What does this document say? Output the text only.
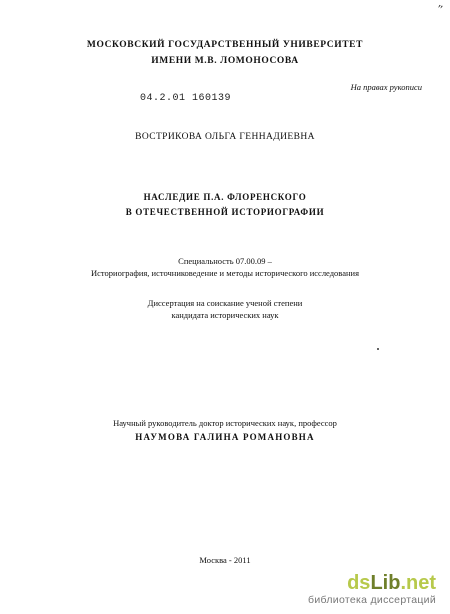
″
МОСКОВСКИЙ ГОСУДАРСТВЕННЫЙ УНИВЕРСИТЕТ
ИМЕНИ М.В. ЛОМОНОСОВА
На правах рукописи
04.2.01 160139
ВОСТРИКОВА ОЛЬГА ГЕННАДИЕВНА
НАСЛЕДИЕ П.А. ФЛОРЕНСКОГО
В ОТЕЧЕСТВЕННОЙ ИСТОРИОГРАФИИ
Специальность 07.00.09 –
Историография, источниковедение и методы исторического исследования
Диссертация на соискание ученой степени
кандидата исторических наук
Научный руководитель доктор исторических наук, профессор
НАУМОВА ГАЛИНА РОМАНОВНА
Москва - 2011
dsLib.net
библиотека диссертаций
